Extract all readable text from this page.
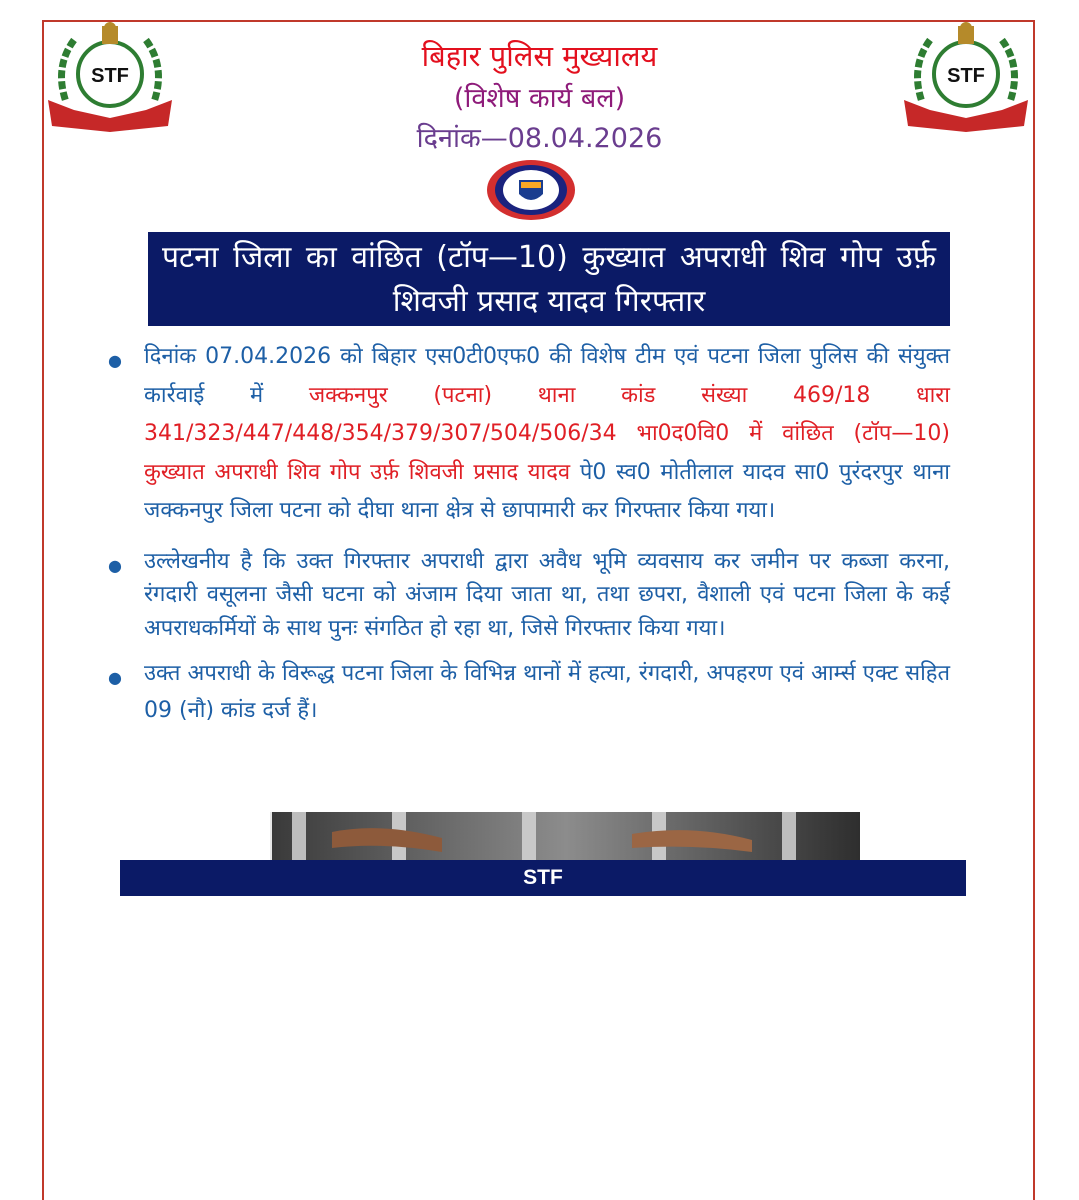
STF	STF
बिहार पुलिस मुख्यालय
(विशेष कार्य बल)
दिनांक—08.04.2026
पटना जिला का वांछित (टॉप—10) कुख्यात अपराधी शिव गोप उर्फ़ शिवजी प्रसाद यादव गिरफ्तार
● दिनांक 07.04.2026 को बिहार एस0टी0एफ0 की विशेष टीम एवं पटना जिला पुलिस की संयुक्त कार्रवाई में जक्कनपुर (पटना) थाना कांड संख्या 469/18 धारा 341/323/447/448/354/379/307/504/506/34 भा0द0वि0 में वांछित (टॉप—10) कुख्यात अपराधी शिव गोप उर्फ़ शिवजी प्रसाद यादव पे0 स्व0 मोतीलाल यादव सा0 पुरंदरपुर थाना जक्कनपुर जिला पटना को दीघा थाना क्षेत्र से छापामारी कर गिरफ्तार किया गया।
● उल्लेखनीय है कि उक्त गिरफ्तार अपराधी द्वारा अवैध भूमि व्यवसाय कर जमीन पर कब्जा करना, रंगदारी वसूलना जैसी घटना को अंजाम दिया जाता था, तथा छपरा, वैशाली एवं पटना जिला के कई अपराधकर्मियों के साथ पुनः संगठित हो रहा था, जिसे गिरफ्तार किया गया।
● उक्त अपराधी के विरूद्ध पटना जिला के विभिन्न थानों में हत्या, रंगदारी, अपहरण एवं आर्म्स एक्ट सहित 09 (नौ) कांड दर्ज हैं।
STF
